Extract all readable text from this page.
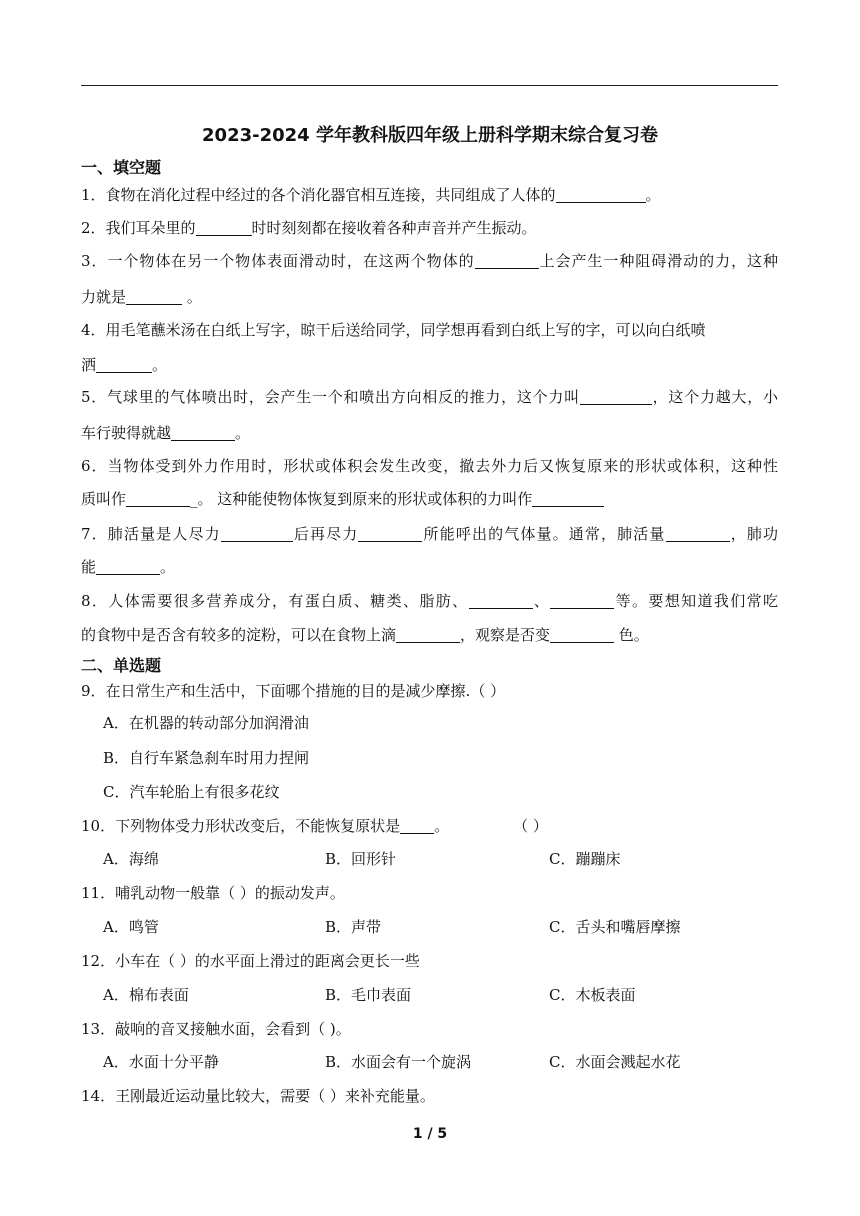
2023-2024 学年教科版四年级上册科学期末综合复习卷
一、填空题
1．食物在消化过程中经过的各个消化器官相互连接，共同组成了人体的	。
2．我们耳朵里的	时时刻刻都在接收着各种声音并产生振动。
3．一个物体在另一个物体表面滑动时，在这两个物体的	上会产生一种阻碍滑动的力，这种
力就是	。
4．用毛笔蘸米汤在白纸上写字，晾干后送给同学，同学想再看到白纸上写的字，可以向白纸喷
洒	。
5．气球里的气体喷出时，会产生一个和喷出方向相反的推力，这个力叫	，这个力越大，小
车行驶得就越	。
6．当物体受到外力作用时，形状或体积会发生改变，撤去外力后又恢复原来的形状或体积，这种性
质叫作	_。 这种能使物体恢复到原来的形状或体积的力叫作
7．肺活量是人尽力	后再尽力	所能呼出的气体量。通常，肺活量	，肺功
能	。
8．人体需要很多营养成分，有蛋白质、糖类、脂肪、	、	等。要想知道我们常吃
的食物中是否含有较多的淀粉，可以在食物上滴	，观察是否变	色。
二、单选题
9．在日常生产和生活中，下面哪个措施的目的是减少摩擦.（ ）
A．在机器的转动部分加润滑油
B．自行车紧急刹车时用力捏闸
C．汽车轮胎上有很多花纹
10．下列物体受力形状改变后，不能恢复原状是 。	（ ）
A．海绵	B．回形针	C．蹦蹦床
11．哺乳动物一般靠（ ）的振动发声。
A．鸣管	B．声带	C．舌头和嘴唇摩擦
12．小车在（ ）的水平面上滑过的距离会更长一些
A．棉布表面	B．毛巾表面	C．木板表面
13．敲响的音叉接触水面，会看到（ )。
A．水面十分平静	B．水面会有一个旋涡	C．水面会溅起水花
14．王刚最近运动量比较大，需要（ ）来补充能量。
1 / 5
